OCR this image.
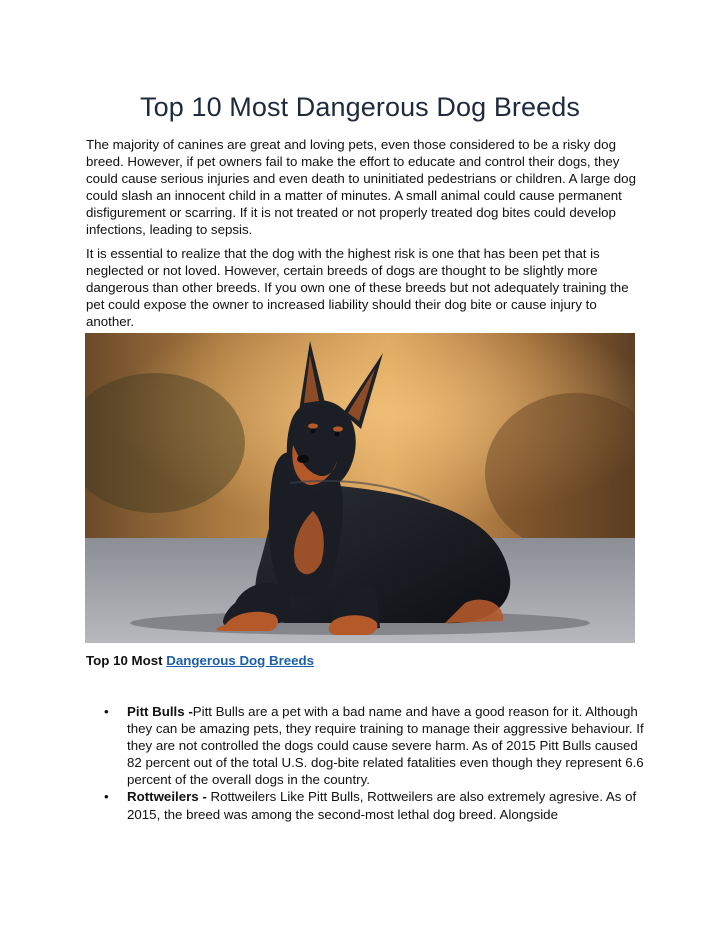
Top 10 Most Dangerous Dog Breeds

The majority of canines are great and loving pets, even those considered to be a risky dog breed. However, if pet owners fail to make the effort to educate and control their dogs, they could cause serious injuries and even death to uninitiated pedestrians or children. A large dog could slash an innocent child in a matter of minutes. A small animal could cause permanent disfigurement or scarring. If it is not treated or not properly treated dog bites could develop infections, leading to sepsis.

It is essential to realize that the dog with the highest risk is one that has been pet that is neglected or not loved. However, certain breeds of dogs are thought to be slightly more dangerous than other breeds. If you own one of these breeds but not adequately training the pet could expose the owner to increased liability should their dog bite or cause injury to another.

Top 10 Most Dangerous Dog Breeds
• Pitt Bulls -Pitt Bulls are a pet with a bad name and have a good reason for it. Although they can be amazing pets, they require training to manage their aggressive behaviour. If they are not controlled the dogs could cause severe harm. As of 2015 Pitt Bulls caused 82 percent out of the total U.S. dog-bite related fatalities even though they represent 6.6 percent of the overall dogs in the country.
• Rottweilers - Rottweilers Like Pitt Bulls, Rottweilers are also extremely agresive. As of 2015, the breed was among the second-most lethal dog breed. Alongside
